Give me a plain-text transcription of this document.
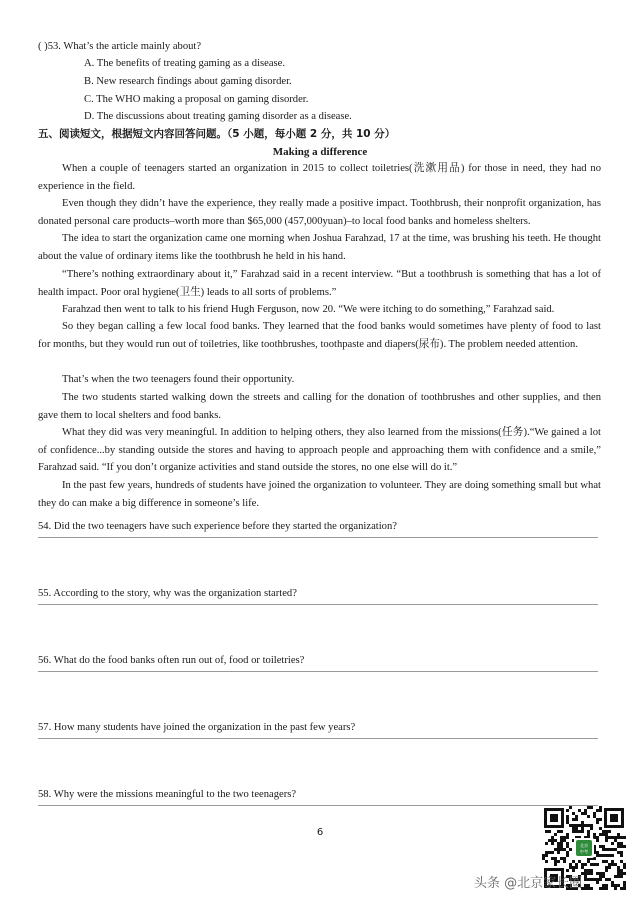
( )53. What’s the article mainly about?
A. The benefits of treating gaming as a disease.
B. New research findings about gaming disorder.
C. The WHO making a proposal on gaming disorder.
D. The discussions about treating gaming disorder as a disease.
五、阅读短文，根据短文内容回答问题。（5 小题，每小题 2 分，共 10 分）
Making a difference

When a couple of teenagers started an organization in 2015 to collect toiletries(洗漱用品) for those in need, they had no experience in the field.

Even though they didn’t have the experience, they really made a positive impact. Toothbrush, their nonprofit organization, has donated personal care products–worth more than $65,000 (457,000yuan)–to local food banks and homeless shelters.

The idea to start the organization came one morning when Joshua Farahzad, 17 at the time, was brushing his teeth. He thought about the value of ordinary items like the toothbrush he held in his hand.

“There’s nothing extraordinary about it,” Farahzad said in a recent interview. “But a toothbrush is something that has a lot of health impact. Poor oral hygiene(卫生) leads to all sorts of problems.”

Farahzad then went to talk to his friend Hugh Ferguson, now 20. “We were itching to do something,” Farahzad said.

So they began calling a few local food banks. They learned that the food banks would sometimes have plenty of food to last for months, but they would run out of toiletries, like toothbrushes, toothpaste and diapers(尿布). The problem needed attention.

That’s when the two teenagers found their opportunity.

The two students started walking down the streets and calling for the donation of toothbrushes and other supplies, and then gave them to local shelters and food banks.

What they did was very meaningful. In addition to helping others, they also learned from the missions(任务).“We gained a lot of confidence...by standing outside the stores and having to approach people and approaching them with confidence and a smile,” Farahzad said. “If you don’t organize activities and stand outside the stores, no one else will do it.”

In the past few years, hundreds of students have joined the organization to volunteer. They are doing something small but what they do can make a big difference in someone’s life.

54. Did the two teenagers have such experience before they started the organization?
55. According to the story, why was the organization started?
56. What do the food banks often run out of, food or toiletries?
57. How many students have joined the organization in the past few years?
58. Why were the missions meaningful to the two teenagers?
6
北京
中考
头条 @北京家长圈
